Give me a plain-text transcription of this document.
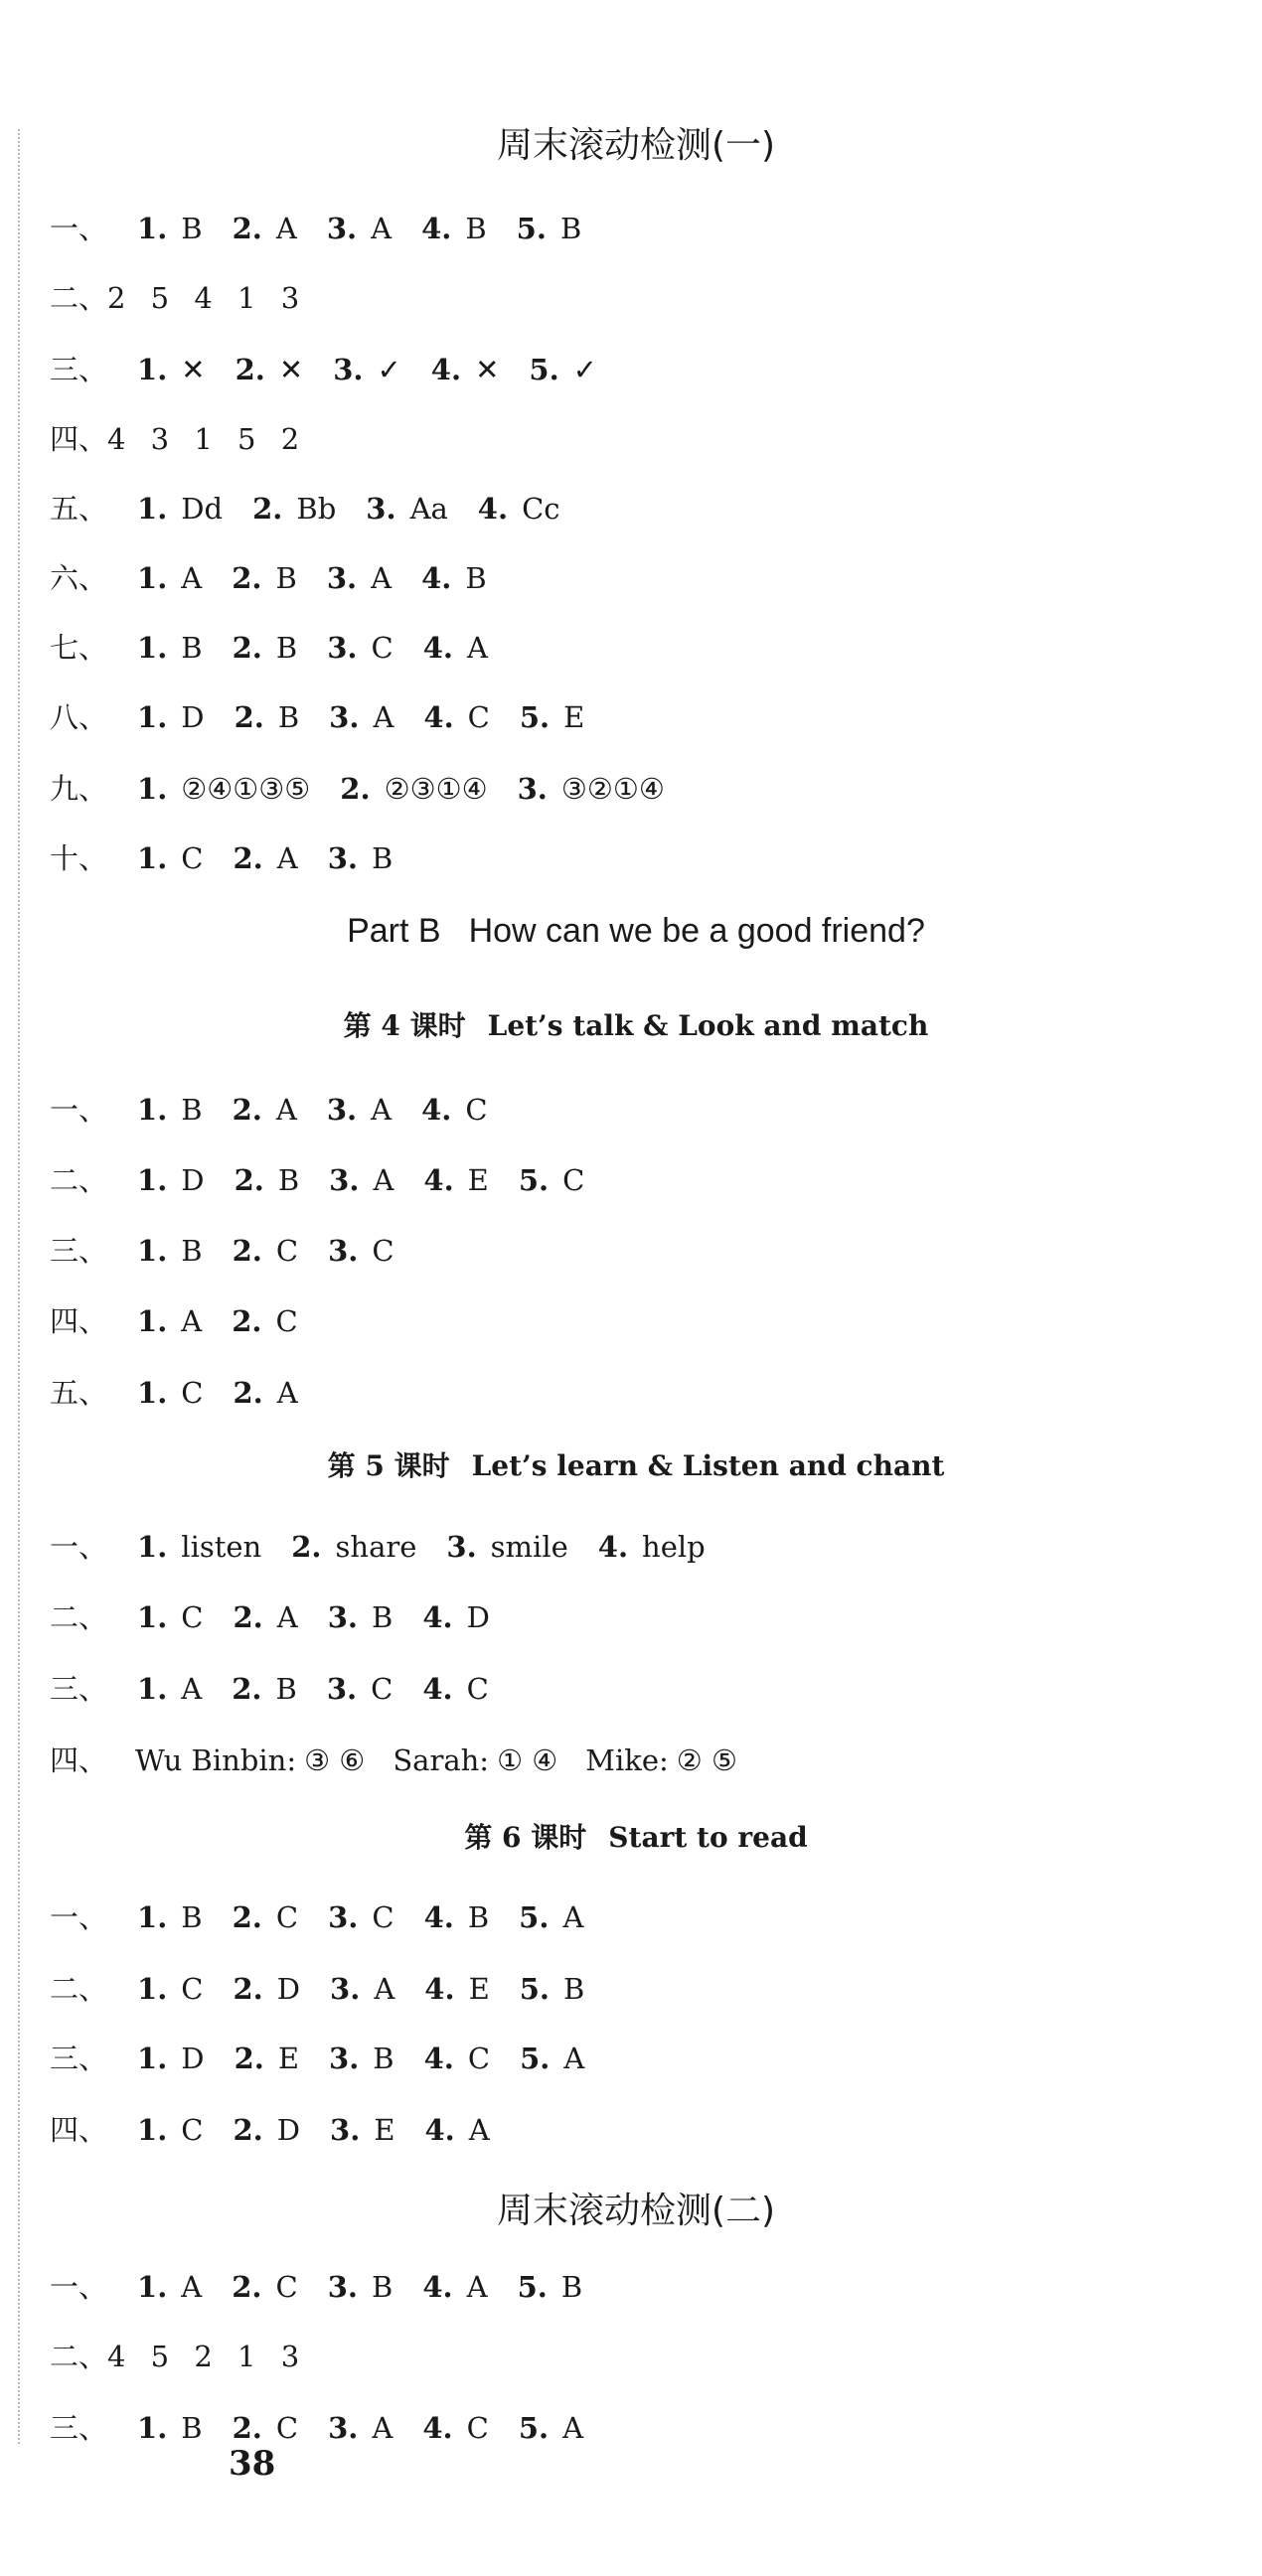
周末滚动检测(一)
一、 1. B 2. A 3. A 4. B 5. B
二、2 5 4 1 3
三、 1. ✕ 2. ✕ 3. ✓ 4. ✕ 5. ✓
四、4 3 1 5 2
五、 1. Dd 2. Bb 3. Aa 4. Cc
六、 1. A 2. B 3. A 4. B
七、 1. B 2. B 3. C 4. A
八、 1. D 2. B 3. A 4. C 5. E
九、 1. ②④①③⑤ 2. ②③①④ 3. ③②①④
十、 1. C 2. A 3. B
Part B How can we be a good friend?
第 4 课时 Let’s talk & Look and match
一、 1. B 2. A 3. A 4. C
二、 1. D 2. B 3. A 4. E 5. C
三、 1. B 2. C 3. C
四、 1. A 2. C
五、 1. C 2. A
第 5 课时 Let’s learn & Listen and chant
一、 1. listen 2. share 3. smile 4. help
二、 1. C 2. A 3. B 4. D
三、 1. A 2. B 3. C 4. C
四、 Wu Binbin: ③ ⑥ Sarah: ① ④ Mike: ② ⑤
第 6 课时 Start to read
一、 1. B 2. C 3. C 4. B 5. A
二、 1. C 2. D 3. A 4. E 5. B
三、 1. D 2. E 3. B 4. C 5. A
四、 1. C 2. D 3. E 4. A
周末滚动检测(二)
一、 1. A 2. C 3. B 4. A 5. B
二、4 5 2 1 3
三、 1. B 2. C 3. A 4. C 5. A
38
